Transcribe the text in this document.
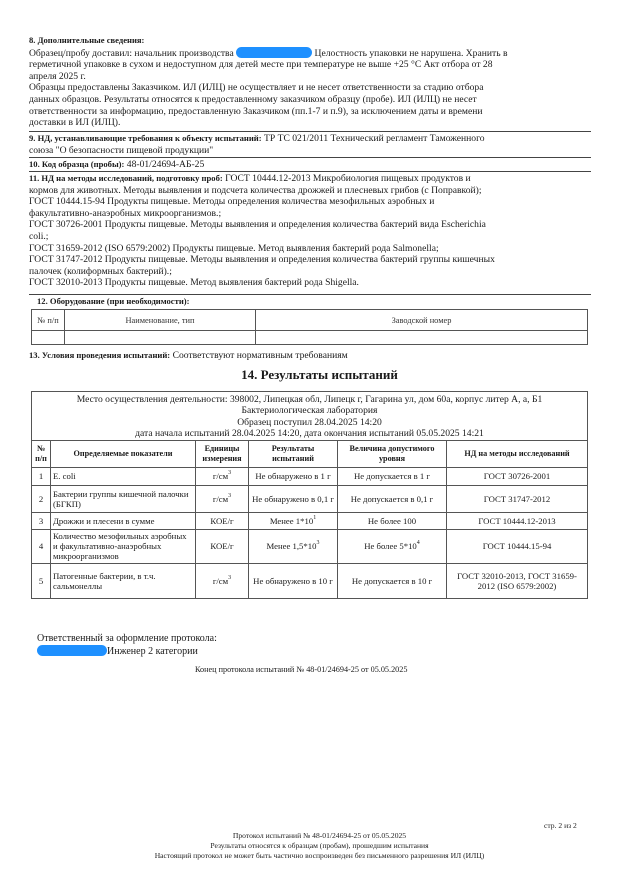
8. Дополнительные сведения:
Образец/пробу доставил: начальник производства	Целостность упаковки не нарушена. Хранить в
герметичной упаковке в сухом и недоступном для детей месте при температуре не выше +25 °С Акт отбора от 28
апреля 2025 г.
Образцы предоставлены Заказчиком. ИЛ (ИЛЦ) не осуществляет и не несет ответственности за стадию отбора
данных образцов. Результаты относятся к предоставленному заказчиком образцу (пробе). ИЛ (ИЛЦ) не несет
ответственности за информацию, предоставленную Заказчиком (пп.1-7 и п.9), за исключением даты и времени
доставки в ИЛ (ИЛЦ).
9. НД, устанавливающие требования к объекту испытаний: ТР ТС 021/2011 Технический регламент Таможенного
союза "О безопасности пищевой продукции"
10. Код образца (пробы): 48-01/24694-АБ-25
11. НД на методы исследований, подготовку проб: ГОСТ 10444.12-2013 Микробиология пищевых продуктов и
кормов для животных. Методы выявления и подсчета количества дрожжей и плесневых грибов (с Поправкой);
ГОСТ 10444.15-94 Продукты пищевые. Методы определения количества мезофильных аэробных и
факультативно-анаэробных микроорганизмов.;
ГОСТ 30726-2001 Продукты пищевые. Методы выявления и определения количества бактерий вида Escherichia
coli.;
ГОСТ 31659-2012 (ISO 6579:2002) Продукты пищевые. Метод выявления бактерий рода Salmonella;
ГОСТ 31747-2012 Продукты пищевые. Методы выявления и определения количества бактерий группы кишечных
палочек (колиформных бактерий).;
ГОСТ 32010-2013 Продукты пищевые. Метод выявления бактерий рода Shigella.
12. Оборудование (при необходимости):
№ п/п	Наименование, тип	Заводской номер

13. Условия проведения испытаний: Соответствуют нормативным требованиям
14. Результаты испытаний
Место осуществления деятельности: 398002, Липецкая обл, Липецк г, Гагарина ул, дом 60а, корпус литер А, а, Б1
Бактериологическая лаборатория
Образец поступил 28.04.2025 14:20
дата начала испытаний 28.04.2025 14:20, дата окончания испытаний 05.05.2025 14:21
№ п/п	Определяемые показатели	Единицы измерения	Результаты испытаний	Величина допустимого уровня	НД на методы исследований
1	E. coli	$г/см^3$	Не обнаружено в 1 г	Не допускается в 1 г	ГОСТ 30726-2001
2	Бактерии группы кишечной палочки (БГКП)	$г/см^3$	Не обнаружено в 0,1 г	Не допускается в 0,1 г	ГОСТ 31747-2012
3	Дрожжи и плесени в сумме	КОЕ/г	Менее $1*10^1$	Не более 100	ГОСТ 10444.12-2013
4	Количество мезофильных аэробных и факультативно-анаэробных микроорганизмов	КОЕ/г	Менее $1,5*10^3$	Не более $5*10^4$	ГОСТ 10444.15-94
5	Патогенные бактерии, в т.ч. сальмонеллы	$г/см^3$	Не обнаружено в 10 г	Не допускается в 10 г	ГОСТ 32010-2013, ГОСТ 31659-2012 (ISO 6579:2002)
Ответственный за оформление протокола:
Инженер 2 категории
Конец протокола испытаний № 48-01/24694-25 от 05.05.2025
стр. 2 из 2
Протокол испытаний № 48-01/24694-25 от 05.05.2025
Результаты относятся к образцам (пробам), прошедшим испытания
Настоящий протокол не может быть частично воспроизведен без письменного разрешения ИЛ (ИЛЦ)
